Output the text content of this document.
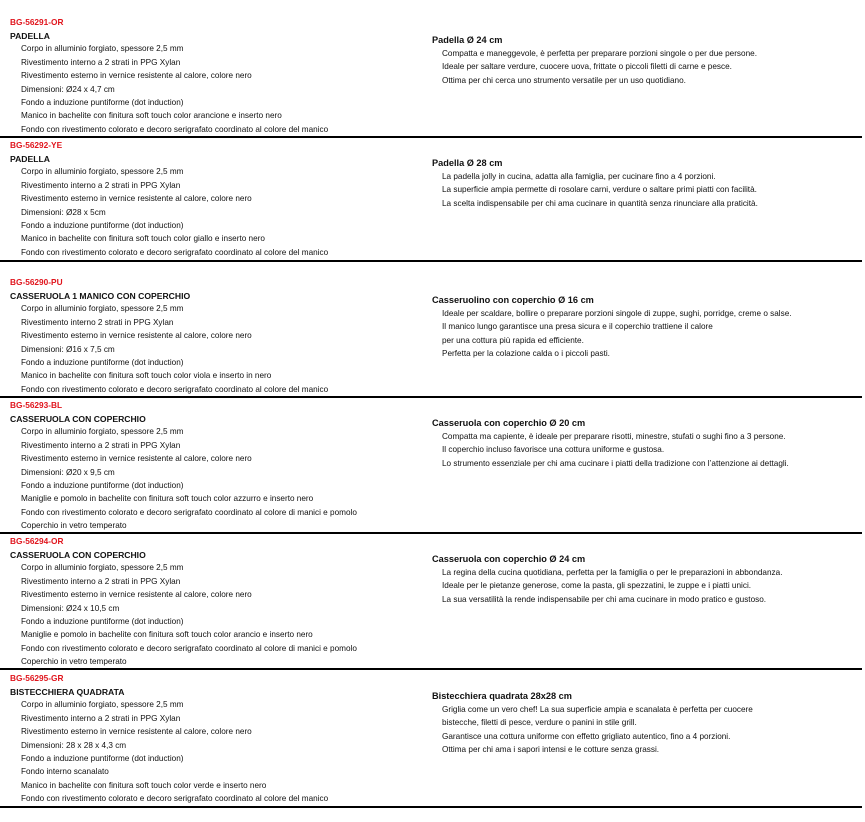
BG-56291-OR
PADELLA
Corpo in alluminio forgiato, spessore 2,5 mm
Rivestimento interno a 2 strati in PPG Xylan
Rivestimento esterno in vernice resistente al calore, colore nero
Dimensioni: Ø24 x 4,7 cm
Fondo a induzione puntiforme (dot induction)
Manico in bachelite con finitura soft touch color arancione e inserto nero
Fondo con rivestimento colorato e decoro serigrafato coordinato al colore del manico
Padella Ø 24 cm
Compatta e maneggevole, è perfetta per preparare porzioni singole o per due persone.
Ideale per saltare verdure, cuocere uova, frittate o piccoli filetti di carne e pesce.
Ottima per chi cerca uno strumento versatile per un uso quotidiano.
BG-56292-YE
PADELLA
Corpo in alluminio forgiato, spessore 2,5 mm
Rivestimento interno a 2 strati in PPG Xylan
Rivestimento esterno in vernice resistente al calore, colore nero
Dimensioni: Ø28 x 5cm
Fondo a induzione puntiforme (dot induction)
Manico in bachelite con finitura soft touch color giallo e inserto nero
Fondo con rivestimento colorato e decoro serigrafato coordinato al colore del manico
Padella Ø 28 cm
La padella jolly in cucina, adatta alla famiglia, per cucinare fino a 4 porzioni.
La superficie ampia permette di rosolare carni, verdure o saltare primi piatti con facilità.
La scelta indispensabile per chi ama cucinare in quantità senza rinunciare alla praticità.
BG-56290-PU
CASSERUOLA 1 MANICO CON COPERCHIO
Corpo in alluminio forgiato, spessore 2,5 mm
Rivestimento interno 2 strati in PPG Xylan
Rivestimento esterno in vernice resistente al calore, colore nero
Dimensioni: Ø16 x 7,5 cm
Fondo a induzione puntiforme (dot induction)
Manico in bachelite con finitura soft touch color viola e inserto in nero
Fondo con rivestimento colorato e decoro serigrafato coordinato al colore del manico
Casseruolino con coperchio Ø 16 cm
Ideale per scaldare, bollire o preparare porzioni singole di zuppe, sughi, porridge, creme o salse.
Il manico lungo garantisce una presa sicura e il coperchio trattiene il calore
per una cottura più rapida ed efficiente.
Perfetta per la colazione calda o i piccoli pasti.
BG-56293-BL
CASSERUOLA CON COPERCHIO
Corpo in alluminio forgiato, spessore 2,5 mm
Rivestimento interno a 2 strati in PPG Xylan
Rivestimento esterno in vernice resistente al calore, colore nero
Dimensioni: Ø20 x 9,5 cm
Fondo a induzione puntiforme (dot induction)
Maniglie e pomolo in bachelite con finitura soft touch color azzurro e inserto nero
Fondo con rivestimento colorato e decoro serigrafato coordinato al colore di manici e pomolo
Coperchio in vetro temperato
Casseruola con coperchio Ø 20 cm
Compatta ma capiente, è ideale per preparare risotti, minestre, stufati o sughi fino a 3 persone.
Il coperchio incluso favorisce una cottura uniforme e gustosa.
Lo strumento essenziale per chi ama cucinare i piatti della tradizione con l’attenzione ai dettagli.
BG-56294-OR
CASSERUOLA CON COPERCHIO
Corpo in alluminio forgiato, spessore 2,5 mm
Rivestimento interno a 2 strati in PPG Xylan
Rivestimento esterno in vernice resistente al calore, colore nero
Dimensioni: Ø24 x 10,5 cm
Fondo a induzione puntiforme (dot induction)
Maniglie e pomolo in bachelite con finitura soft touch color arancio e inserto nero
Fondo con rivestimento colorato e decoro serigrafato coordinato al colore di manici e pomolo
Coperchio in vetro temperato
Casseruola con coperchio Ø 24 cm
La regina della cucina quotidiana, perfetta per la famiglia o per le preparazioni in abbondanza.
Ideale per le pietanze generose, come la pasta, gli spezzatini, le zuppe e i piatti unici.
La sua versatilità la rende indispensabile per chi ama cucinare in modo pratico e gustoso.
BG-56295-GR
BISTECCHIERA QUADRATA
Corpo in alluminio forgiato, spessore 2,5 mm
Rivestimento interno a 2 strati in PPG Xylan
Rivestimento esterno in vernice resistente al calore, colore nero
Dimensioni: 28 x 28 x 4,3 cm
Fondo a induzione puntiforme (dot induction)
Fondo interno scanalato
Manico in bachelite con finitura soft touch color verde e inserto nero
Fondo con rivestimento colorato e decoro serigrafato coordinato al colore del manico
Bistecchiera quadrata 28x28 cm
Griglia come un vero chef! La sua superficie ampia e scanalata è perfetta per cuocere
bistecche, filetti di pesce, verdure o panini in stile grill.
Garantisce una cottura uniforme con effetto grigliato autentico, fino a 4 porzioni.
Ottima per chi ama i sapori intensi e le cotture senza grassi.
